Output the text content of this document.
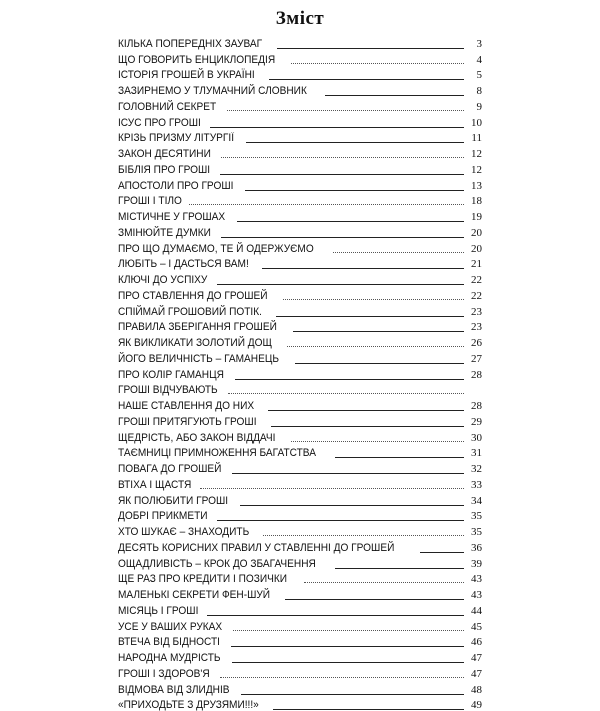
Зміст
КІЛЬКА ПОПЕРЕДНІХ ЗАУВАГ	3
ЩО ГОВОРИТЬ ЕНЦИКЛОПЕДІЯ	4
ІСТОРІЯ ГРОШЕЙ В УКРАЇНІ	5
ЗАЗИРНЕМО У ТЛУМАЧНИЙ СЛОВНИК	8
ГОЛОВНИЙ СЕКРЕТ	9
ІСУС ПРО ГРОШІ	10
КРІЗЬ ПРИЗМУ ЛІТУРГІЇ	11
ЗАКОН ДЕСЯТИНИ	12
БІБЛІЯ ПРО ГРОШІ	12
АПОСТОЛИ ПРО ГРОШІ	13
ГРОШІ І ТІЛО	18
МІСТИЧНЕ У ГРОШАХ	19
ЗМІНЮЙТЕ ДУМКИ	20
ПРО ЩО ДУМАЄМО, ТЕ Й ОДЕРЖУЄМО	20
ЛЮБІТЬ – І ДАСТЬСЯ ВАМ!	21
КЛЮЧІ ДО УСПІХУ	22
ПРО СТАВЛЕННЯ ДО ГРОШЕЙ	22
СПІЙМАЙ ГРОШОВИЙ ПОТІК.	23
ПРАВИЛА ЗБЕРІГАННЯ ГРОШЕЙ	23
ЯК ВИКЛИКАТИ ЗОЛОТИЙ ДОЩ	26
ЙОГО ВЕЛИЧНІСТЬ – ГАМАНЕЦЬ	27
ПРО КОЛІР ГАМАНЦЯ	28
ГРОШІ ВІДЧУВАЮТЬ
НАШЕ СТАВЛЕННЯ ДО НИХ	28
ГРОШІ ПРИТЯГУЮТЬ ГРОШІ	29
ЩЕДРІСТЬ, АБО ЗАКОН ВІДДАЧІ	30
ТАЄМНИЦІ ПРИМНОЖЕННЯ БАГАТСТВА	31
ПОВАГА ДО ГРОШЕЙ	32
ВТІХА І ЩАСТЯ	33
ЯК ПОЛЮБИТИ ГРОШІ	34
ДОБРІ ПРИКМЕТИ	35
ХТО ШУКАЄ – ЗНАХОДИТЬ	35
ДЕСЯТЬ КОРИСНИХ ПРАВИЛ У СТАВЛЕННІ ДО ГРОШЕЙ	36
ОЩАДЛИВІСТЬ – КРОК ДО ЗБАГАЧЕННЯ	39
ЩЕ РАЗ ПРО КРЕДИТИ І ПОЗИЧКИ	43
МАЛЕНЬКІ СЕКРЕТИ ФЕН-ШУЙ	43
МІСЯЦЬ І ГРОШІ	44
УСЕ У ВАШИХ РУКАХ	45
ВТЕЧА ВІД БІДНОСТІ	46
НАРОДНА МУДРІСТЬ	47
ГРОШІ І ЗДОРОВ'Я	47
ВІДМОВА ВІД ЗЛИДНІВ	48
«ПРИХОДЬТЕ З ДРУЗЯМИ!!!»	49
